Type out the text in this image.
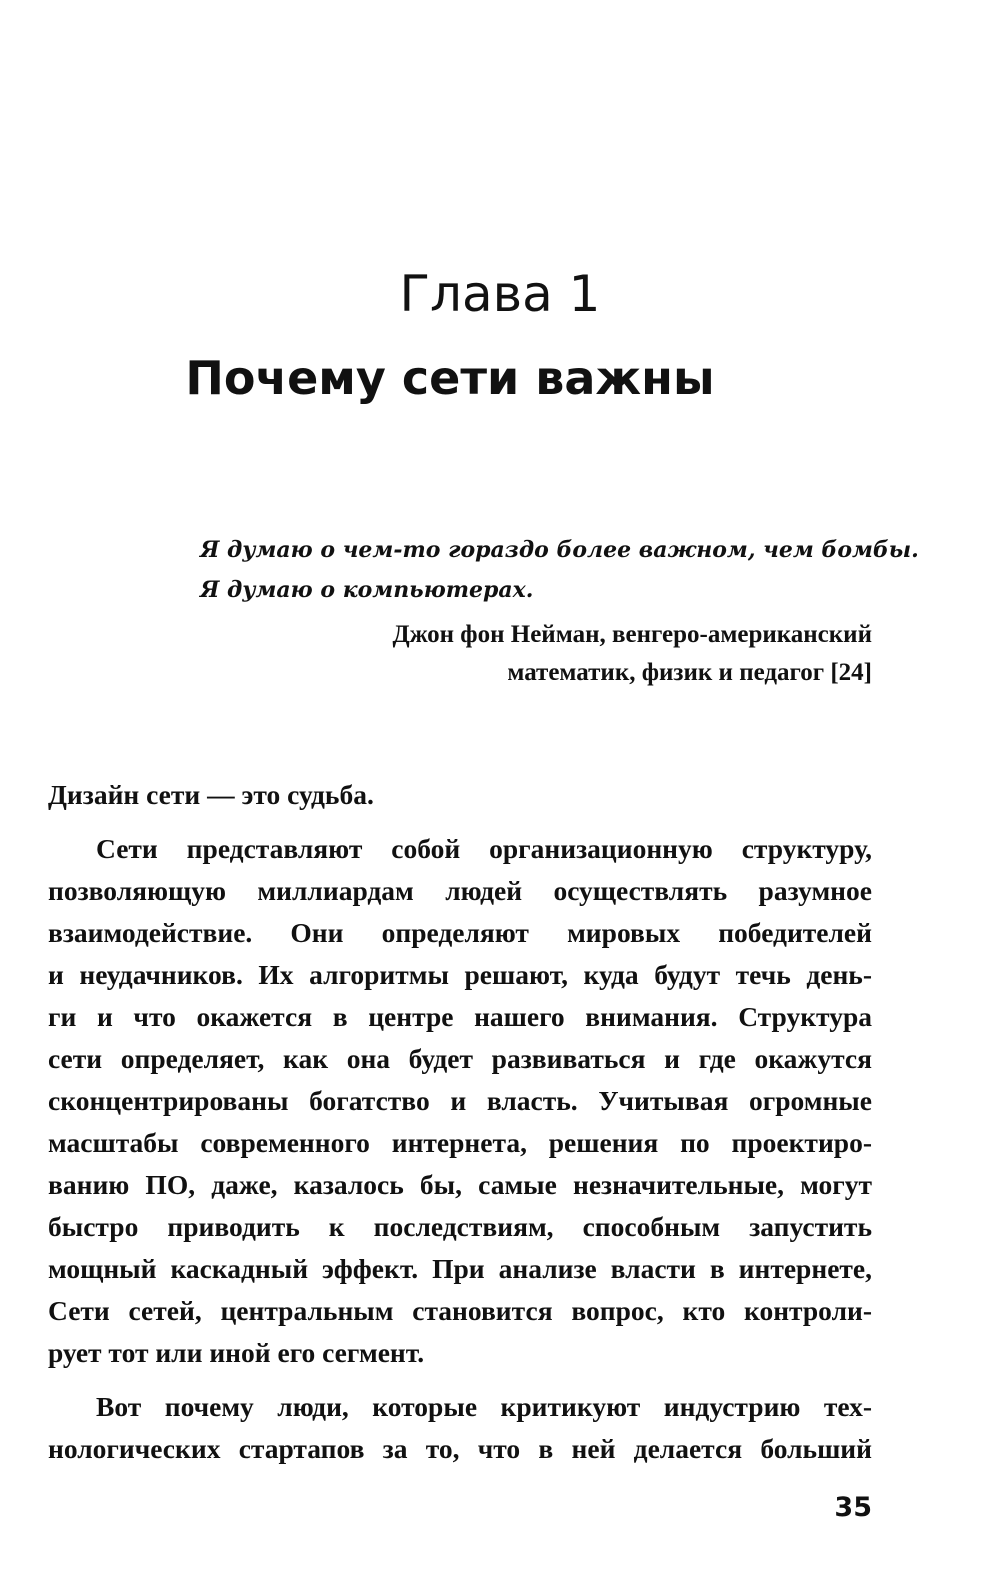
Глава 1
Почему сети важны
Я думаю о чем-то гораздо более важном, чем бомбы.
Я думаю о компьютерах.
Джон фон Нейман, венгеро-американский
математик, физик и педагог [24]
Дизайн сети — это судьба.
Сети представляют собой организационную структуру,
позволяющую миллиардам людей осуществлять разумное
взаимодействие. Они определяют мировых победителей
и неудачников. Их алгоритмы решают, куда будут течь день-
ги и что окажется в центре нашего внимания. Структура
сети определяет, как она будет развиваться и где окажутся
сконцентрированы богатство и власть. Учитывая огромные
масштабы современного интернета, решения по проектиро-
ванию ПО, даже, казалось бы, самые незначительные, могут
быстро приводить к последствиям, способным запустить
мощный каскадный эффект. При анализе власти в интернете,
Сети сетей, центральным становится вопрос, кто контроли-
рует тот или иной его сегмент.
Вот почему люди, которые критикуют индустрию тех-
нологических стартапов за то, что в ней делается больший
35
